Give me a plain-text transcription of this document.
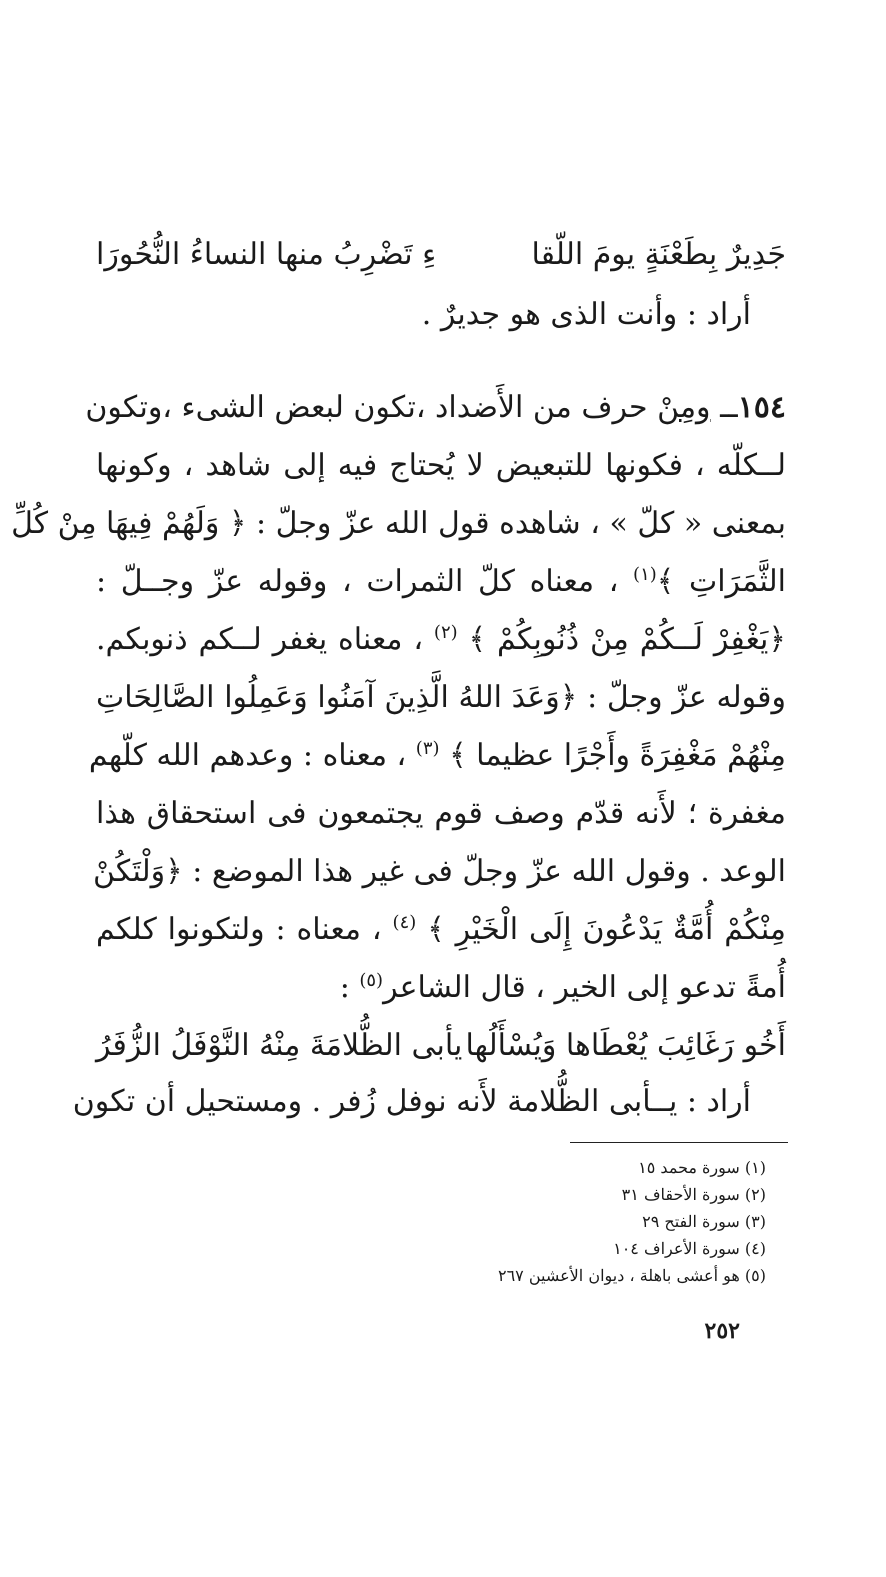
جَدِيرٌ بِطَعْنَةٍ يومَ اللّقا
ءِ تَضْرِبُ منها النساءُ النُّحُورَا
أراد : وأنت الذى هو جديرٌ .
١٥٤ــ ومِنْ حرف من الأَضداد ،تكون لبعض الشىء ،وتكون
لــكلّه ، فكونها للتبعيض لا يُحتاج فيه إلى شاهد ، وكونها
بمعنى « كلّ » ، شاهده قول الله عزّ وجلّ : ﴿ وَلَهُمْ فِيهَا مِنْ كُلِّ
الثَّمَرَاتِ ﴾$^{(١)}$ ، معناه كلّ الثمرات ، وقوله عزّ وجــلّ :
﴿يَغْفِرْ لَــكُمْ مِنْ ذُنُوبِكُمْ ﴾ $^{(٢)}$ ، معناه يغفر لــكم ذنوبكم.
وقوله عزّ وجلّ : ﴿وَعَدَ اللهُ الَّذِينَ آمَنُوا وَعَمِلُوا الصَّالِحَاتِ
مِنْهُمْ مَغْفِرَةً وأَجْرًا عظيما ﴾ $^{(٣)}$ ، معناه : وعدهم الله كلّهم
مغفرة ؛ لأَنه قدّم وصف قوم يجتمعون فى استحقاق هذا
الوعد . وقول الله عزّ وجلّ فى غير هذا الموضع : ﴿وَلْتَكُنْ
مِنْكُمْ أُمَّةٌ يَدْعُونَ إِلَى الْخَيْرِ ﴾ $^{(٤)}$ ، معناه : ولتكونوا كلكم
أُمةً تدعو إلى الخير ، قال الشاعر$^{(٥)}$ :
أَخُو رَغَائِبَ يُعْطَاها وَيُسْأَلُها
يأبى الظُّلامَةَ مِنْهُ النَّوْفَلُ الزُّفَرُ
أراد : يــأبى الظُّلامة لأَنه نوفل زُفر . ومستحيل أن تكون
(١) سورة محمد ١٥
(٢) سورة الأحقاف ٣١
(٣) سورة الفتح ٢٩
(٤) سورة الأعراف ١٠٤
(٥) هو أعشى باهلة ، ديوان الأعشين ٢٦٧
٢٥٢
